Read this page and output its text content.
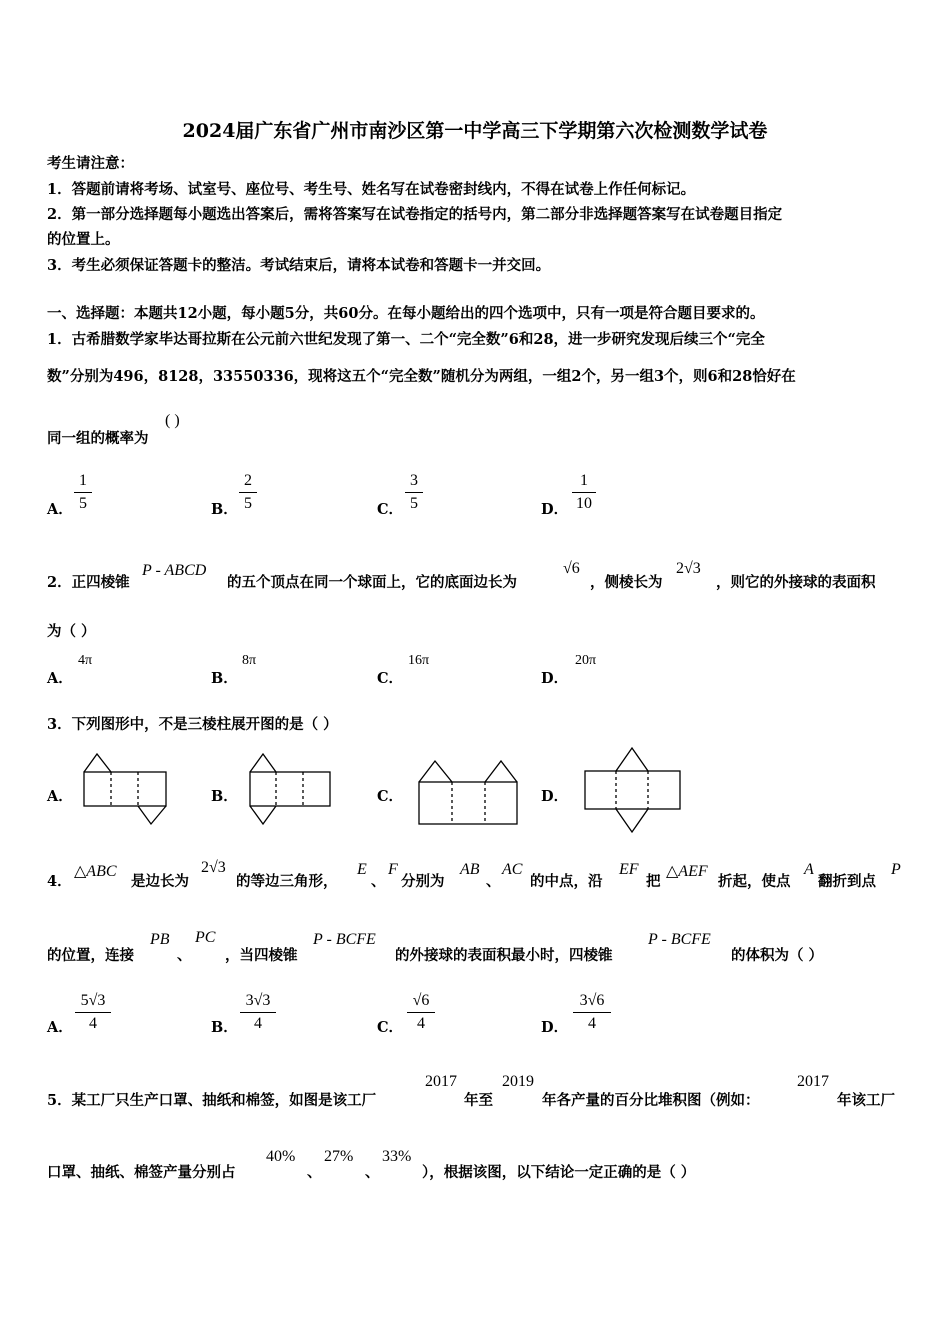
2024届广东省广州市南沙区第一中学高三下学期第六次检测数学试卷
考生请注意：
1．答题前请将考场、试室号、座位号、考生号、姓名写在试卷密封线内，不得在试卷上作任何标记。
2．第一部分选择题每小题选出答案后，需将答案写在试卷指定的括号内，第二部分非选择题答案写在试卷题目指定
的位置上。
3．考生必须保证答题卡的整洁。考试结束后，请将本试卷和答题卡一并交回。
一、选择题：本题共12小题，每小题5分，共60分。在每小题给出的四个选项中，只有一项是符合题目要求的。
1．古希腊数学家毕达哥拉斯在公元前六世纪发现了第一、二个“完全数”6和28，进一步研究发现后续三个“完全
数”分别为496，8128，33550336，现将这五个“完全数”随机分为两组，一组2个，另一组3个，则6和28恰好在
同一组的概率为
( )
A．
1
5	B．
2
5	C．
3
5	D．
1
10
2．正四棱锥
P - ABCD
的五个顶点在同一个球面上，它的底面边长为
√6
，侧棱长为
2√3
，则它的外接球的表面积
为（ ）
A．
4π
B．
8π
C．
16π
D．
20π
3．下列图形中，不是三棱柱展开图的是（ ）
A．	B．	C．	D．
4．
△ABC
是边长为
2√3
的等边三角形，
E
、
F
分别为
AB
、
AC
的中点，沿
EF
把
△AEF
折起，使点
A
翻折到点
P
的位置，连接
PB
、
PC
，当四棱锥
P - BCFE
的外接球的表面积最小时，四棱锥
P - BCFE
的体积为（ ）
A．
5√3
4	B．
3√3
4	C．
√6
4	D．
3√6
4
5．某工厂只生产口罩、抽纸和棉签，如图是该工厂
2017
年至
2019
年各产量的百分比堆积图（例如：
2017
年该工厂
口罩、抽纸、棉签产量分别占
40%
、
27%
、
33%
），根据该图，以下结论一定正确的是（ ）
